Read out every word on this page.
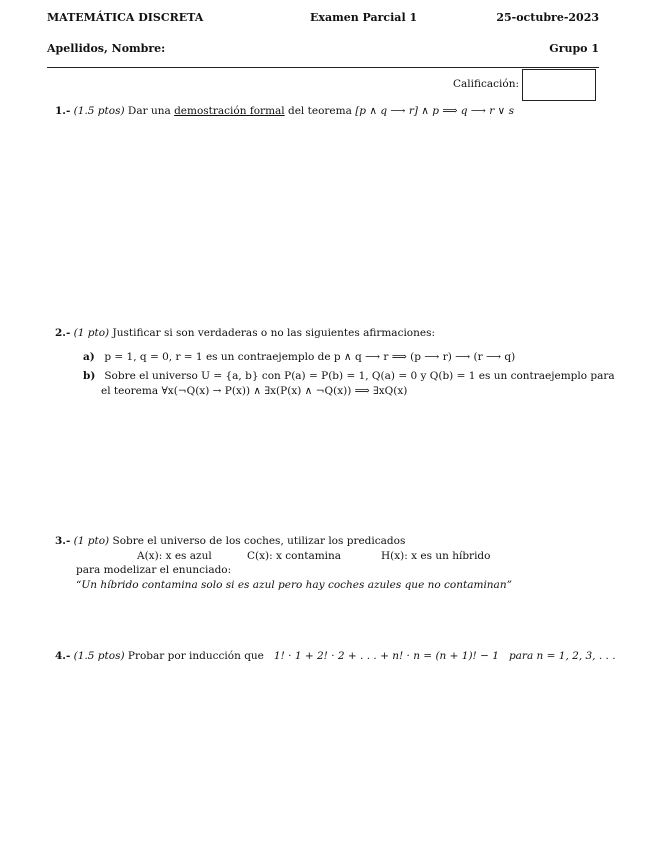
MATEMÁTICA DISCRETA	Examen Parcial 1	25-octubre-2023
Apellidos, Nombre:	Grupo 1
Calificación:
1.- (1.5 ptos) Dar una demostración formal del teorema [p ∧ q ⟶ r] ∧ p ⟹ q ⟶ r ∨ s
2.- (1 pto) Justificar si son verdaderas o no las siguientes afirmaciones:
a) p = 1, q = 0, r = 1 es un contraejemplo de p ∧ q ⟶ r ⟹ (p ⟶ r) ⟶ (r ⟶ q)
b) Sobre el universo U = {a, b} con P(a) = P(b) = 1, Q(a) = 0 y Q(b) = 1 es un contraejemplo para
el teorema ∀x(¬Q(x) → P(x)) ∧ ∃x(P(x) ∧ ¬Q(x)) ⟹ ∃xQ(x)
3.- (1 pto) Sobre el universo de los coches, utilizar los predicados
A(x): x es azul	C(x): x contamina	H(x): x es un híbrido
para modelizar el enunciado:
“Un híbrido contamina solo si es azul pero hay coches azules que no contaminan”
4.- (1.5 ptos) Probar por inducción que 1! · 1 + 2! · 2 + . . . + n! · n = (n + 1)! − 1 para n = 1, 2, 3, . . .
